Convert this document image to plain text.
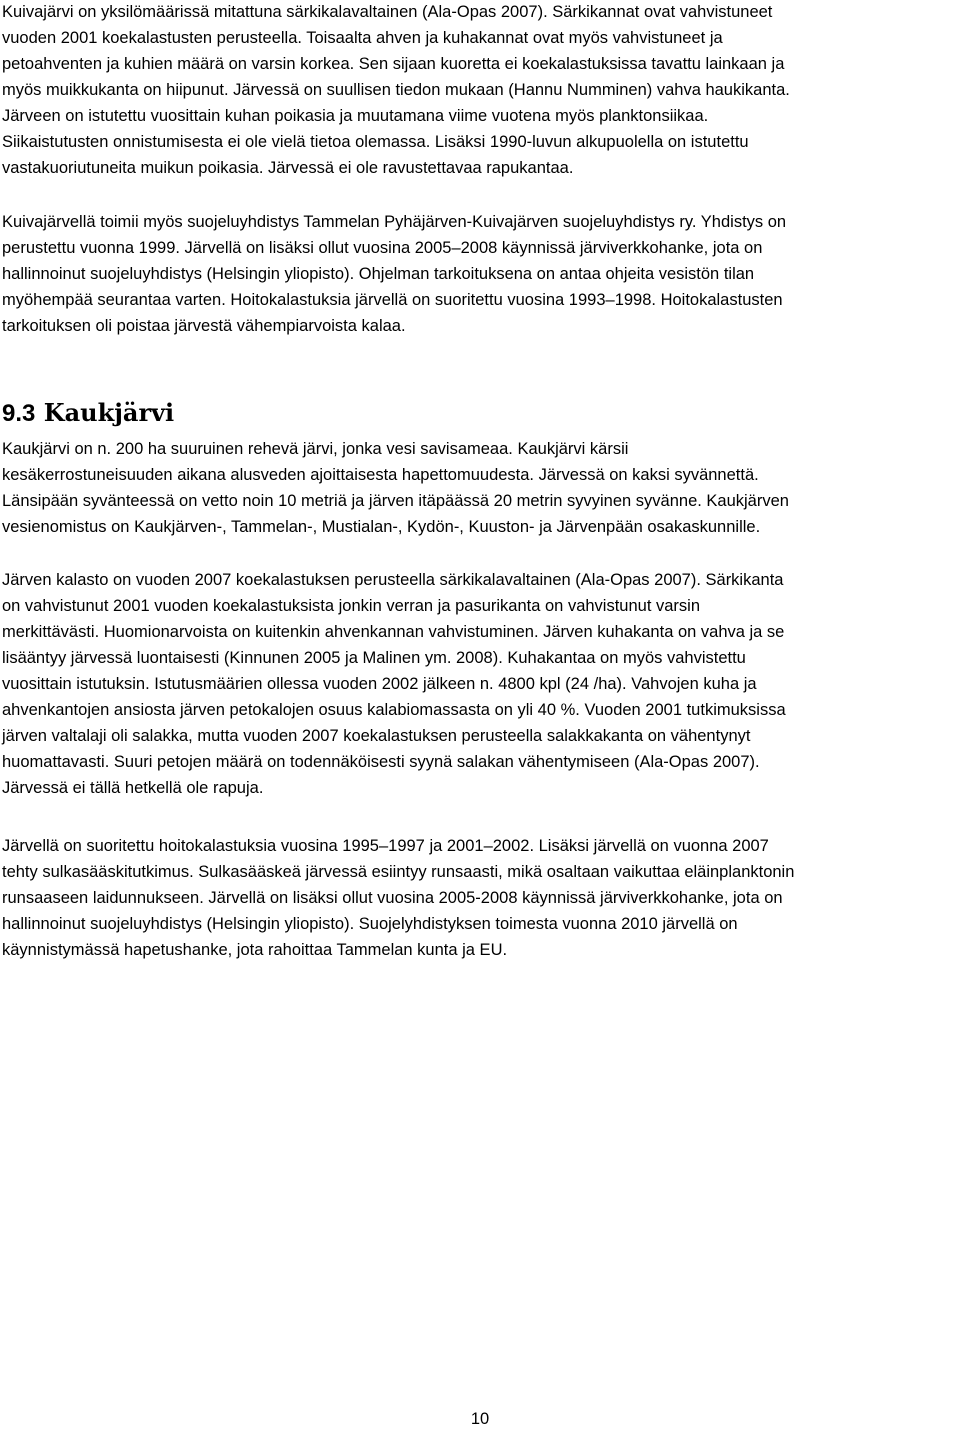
Kuivajärvi on yksilömäärissä mitattuna särkikalavaltainen (Ala-Opas 2007). Särkikannat ovat vahvistuneet
vuoden 2001 koekalastusten perusteella. Toisaalta ahven ja kuhakannat ovat myös vahvistuneet ja
petoahventen ja kuhien määrä on varsin korkea. Sen sijaan kuoretta ei koekalastuksissa tavattu lainkaan ja
myös muikkukanta on hiipunut. Järvessä on suullisen tiedon mukaan (Hannu Numminen) vahva haukikanta.
Järveen on istutettu vuosittain kuhan poikasia ja muutamana viime vuotena myös planktonsiikaa.
Siikaistutusten onnistumisesta ei ole vielä tietoa olemassa. Lisäksi 1990-luvun alkupuolella on istutettu
vastakuoriutuneita muikun poikasia. Järvessä ei ole ravustettavaa rapukantaa.

Kuivajärvellä toimii myös suojeluyhdistys Tammelan Pyhäjärven-Kuivajärven suojeluyhdistys ry. Yhdistys on
perustettu vuonna 1999. Järvellä on lisäksi ollut vuosina 2005–2008 käynnissä järviverkkohanke, jota on
hallinnoinut suojeluyhdistys (Helsingin yliopisto). Ohjelman tarkoituksena on antaa ohjeita vesistön tilan
myöhempää seurantaa varten. Hoitokalastuksia järvellä on suoritettu vuosina 1993–1998. Hoitokalastusten
tarkoituksen oli poistaa järvestä vähempiarvoista kalaa.

9.3 Kaukjärvi

Kaukjärvi on n. 200 ha suuruinen rehevä järvi, jonka vesi savisameaa. Kaukjärvi kärsii
kesäkerrostuneisuuden aikana alusveden ajoittaisesta hapettomuudesta. Järvessä on kaksi syvännettä.
Länsipään syvänteessä on vetto noin 10 metriä ja järven itäpäässä 20 metrin syvyinen syvänne. Kaukjärven
vesienomistus on Kaukjärven-, Tammelan-, Mustialan-, Kydön-, Kuuston- ja Järvenpään osakaskunnille.

Järven kalasto on vuoden 2007 koekalastuksen perusteella särkikalavaltainen (Ala-Opas 2007). Särkikanta
on vahvistunut 2001 vuoden koekalastuksista jonkin verran ja pasurikanta on vahvistunut varsin
merkittävästi. Huomionarvoista on kuitenkin ahvenkannan vahvistuminen. Järven kuhakanta on vahva ja se
lisääntyy järvessä luontaisesti (Kinnunen 2005 ja Malinen ym. 2008). Kuhakantaa on myös vahvistettu
vuosittain istutuksin. Istutusmäärien ollessa vuoden 2002 jälkeen n. 4800 kpl (24 /ha). Vahvojen kuha ja
ahvenkantojen ansiosta järven petokalojen osuus kalabiomassasta on yli 40 %. Vuoden 2001 tutkimuksissa
järven valtalaji oli salakka, mutta vuoden 2007 koekalastuksen perusteella salakkakanta on vähentynyt
huomattavasti. Suuri petojen määrä on todennäköisesti syynä salakan vähentymiseen (Ala-Opas 2007).
Järvessä ei tällä hetkellä ole rapuja.

Järvellä on suoritettu hoitokalastuksia vuosina 1995–1997 ja 2001–2002. Lisäksi järvellä on vuonna 2007
tehty sulkasääskitutkimus. Sulkasääskeä järvessä esiintyy runsaasti, mikä osaltaan vaikuttaa eläinplanktonin
runsaaseen laidunnukseen. Järvellä on lisäksi ollut vuosina 2005-2008 käynnissä järviverkkohanke, jota on
hallinnoinut suojeluyhdistys (Helsingin yliopisto). Suojelyhdistyksen toimesta vuonna 2010 järvellä on
käynnistymässä hapetushanke, jota rahoittaa Tammelan kunta ja EU.

10
